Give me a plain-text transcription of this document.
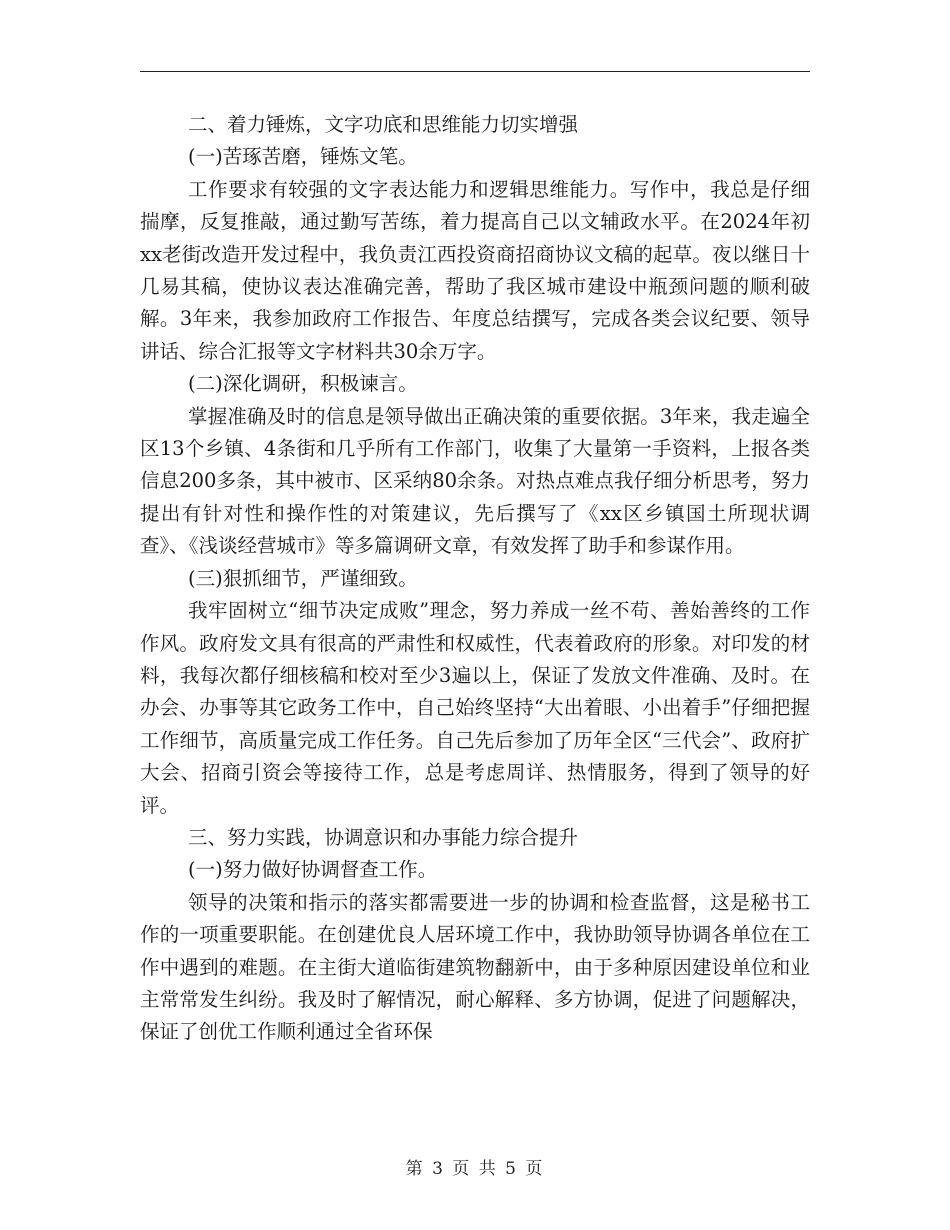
二、着力锤炼，文字功底和思维能力切实增强

(一)苦琢苦磨，锤炼文笔。

工作要求有较强的文字表达能力和逻辑思维能力。写作中，我总是仔细揣摩，反复推敲，通过勤写苦练，着力提高自己以文辅政水平。在2024年初xx老街改造开发过程中，我负责江西投资商招商协议文稿的起草。夜以继日十几易其稿，使协议表达准确完善，帮助了我区城市建设中瓶颈问题的顺利破解。3年来，我参加政府工作报告、年度总结撰写，完成各类会议纪要、领导讲话、综合汇报等文字材料共30余万字。

(二)深化调研，积极谏言。

掌握准确及时的信息是领导做出正确决策的重要依据。3年来，我走遍全区13个乡镇、4条街和几乎所有工作部门，收集了大量第一手资料，上报各类信息200多条，其中被市、区采纳80余条。对热点难点我仔细分析思考，努力提出有针对性和操作性的对策建议，先后撰写了《xx区乡镇国土所现状调查》、《浅谈经营城市》等多篇调研文章，有效发挥了助手和参谋作用。

(三)狠抓细节，严谨细致。

我牢固树立“细节决定成败”理念，努力养成一丝不苟、善始善终的工作作风。政府发文具有很高的严肃性和权威性，代表着政府的形象。对印发的材料，我每次都仔细核稿和校对至少3遍以上，保证了发放文件准确、及时。在办会、办事等其它政务工作中，自己始终坚持“大出着眼、小出着手”仔细把握工作细节，高质量完成工作任务。自己先后参加了历年全区“三代会”、政府扩大会、招商引资会等接待工作，总是考虑周详、热情服务，得到了领导的好评。

三、努力实践，协调意识和办事能力综合提升

(一)努力做好协调督查工作。

领导的决策和指示的落实都需要进一步的协调和检查监督，这是秘书工作的一项重要职能。在创建优良人居环境工作中，我协助领导协调各单位在工作中遇到的难题。在主街大道临街建筑物翻新中，由于多种原因建设单位和业主常常发生纠纷。我及时了解情况，耐心解释、多方协调，促进了问题解决，保证了创优工作顺利通过全省环保

第 3 页 共 5 页
